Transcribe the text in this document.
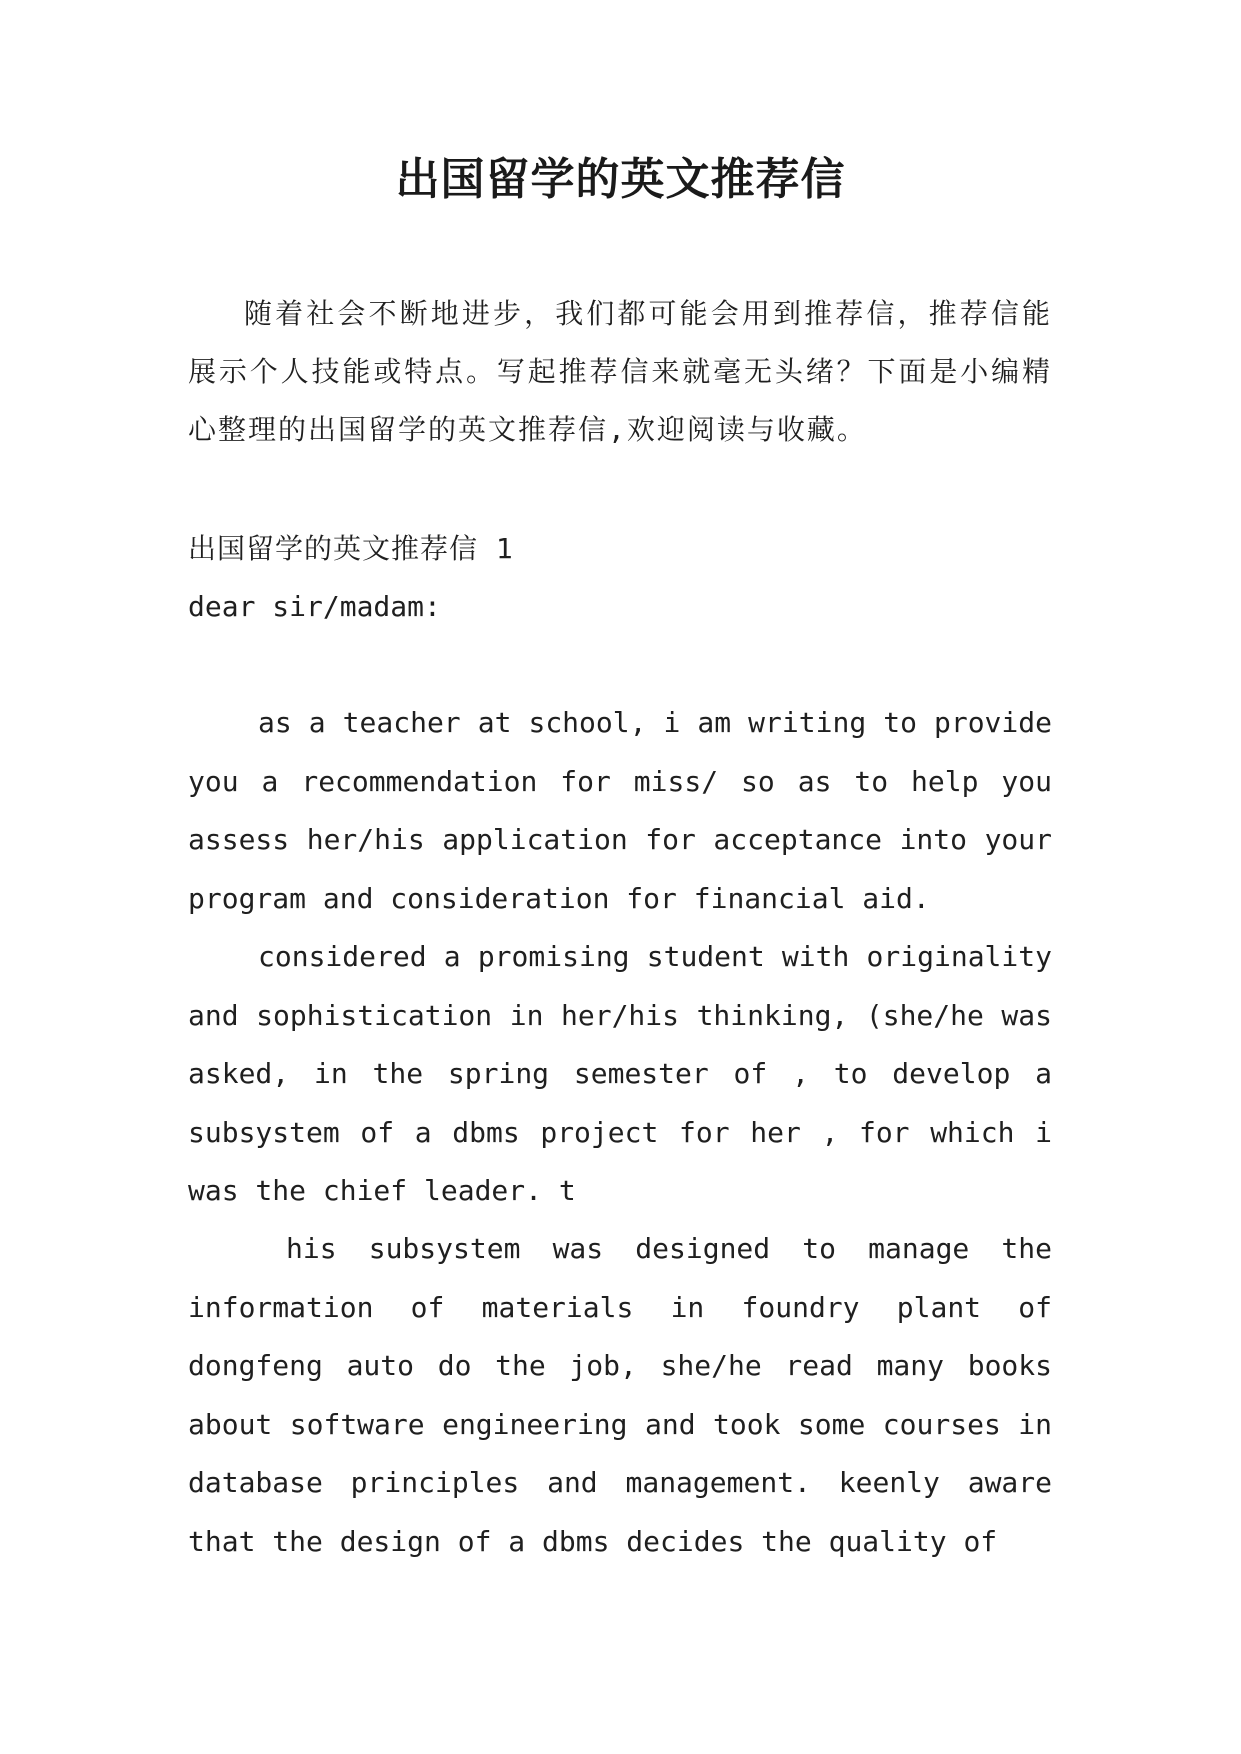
出国留学的英文推荐信
随着社会不断地进步，我们都可能会用到推荐信，推荐信能展示个人技能或特点。写起推荐信来就毫无头绪？下面是小编精心整理的出国留学的英文推荐信,欢迎阅读与收藏。
出国留学的英文推荐信 1
dear sir/madam:
as a teacher at school, i am writing to provide you a recommendation for miss/ so as to help you assess her/his application for acceptance into your program and consideration for financial aid.
considered a promising student with originality and sophistication in her/his thinking, (she/he was asked, in the spring semester of , to develop a subsystem of a dbms project for her , for which i was the chief leader. t
his subsystem was designed to manage the information of materials in foundry plant of dongfeng auto do the job, she/he read many books about software engineering and took some courses in database principles and management. keenly aware that the design of a dbms decides the quality of
